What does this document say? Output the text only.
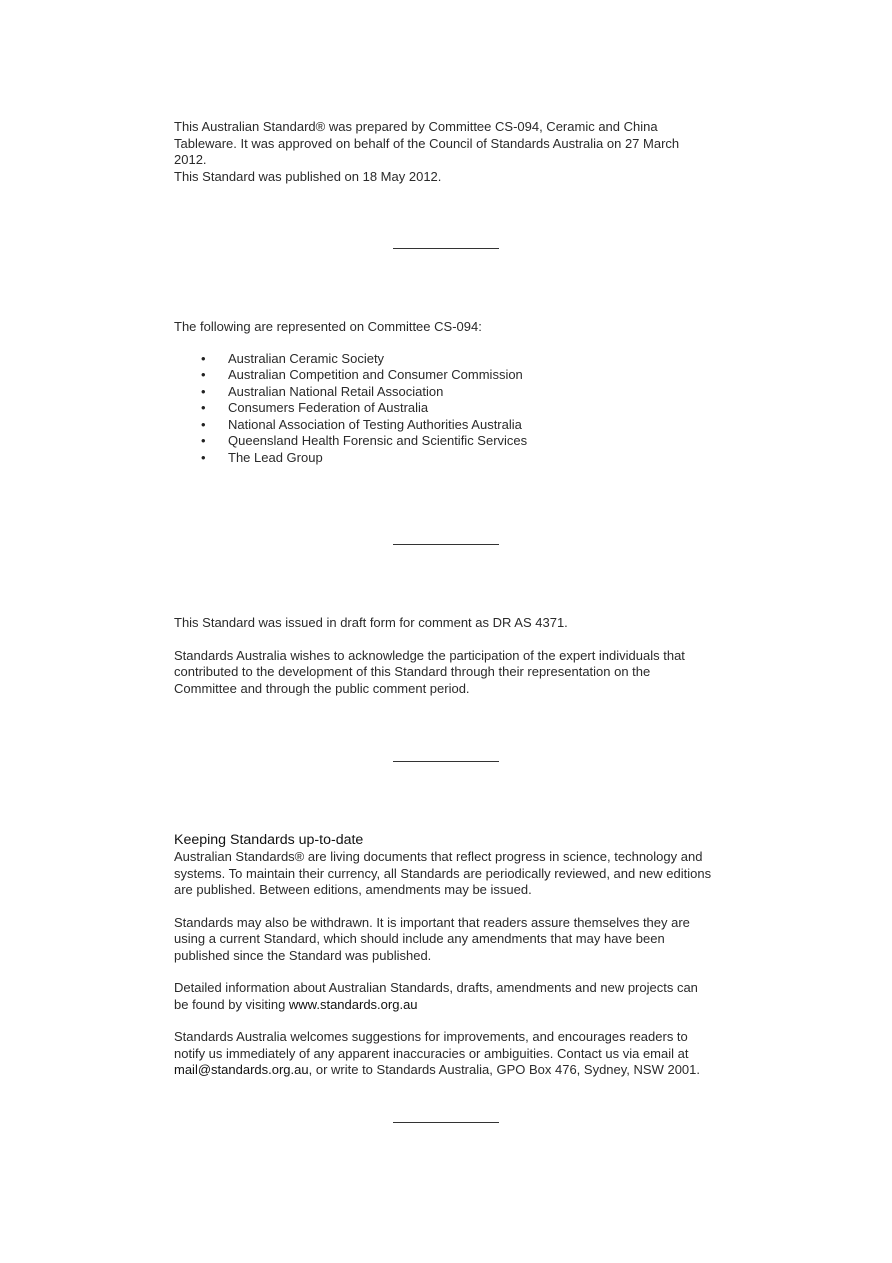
This Australian Standard® was prepared by Committee CS-094, Ceramic and China

Tableware. It was approved on behalf of the Council of Standards Australia on 27 March

2012.

This Standard was published on 18 May 2012.

The following are represented on Committee CS-094:

• Australian Ceramic Society
• Australian Competition and Consumer Commission
• Australian National Retail Association
• Consumers Federation of Australia
• National Association of Testing Authorities Australia
• Queensland Health Forensic and Scientific Services
• The Lead Group

This Standard was issued in draft form for comment as DR AS 4371.

Standards Australia wishes to acknowledge the participation of the expert individuals that

contributed to the development of this Standard through their representation on the

Committee and through the public comment period.

Keeping Standards up-to-date

Australian Standards® are living documents that reflect progress in science, technology and

systems. To maintain their currency, all Standards are periodically reviewed, and new editions

are published. Between editions, amendments may be issued.

Standards may also be withdrawn. It is important that readers assure themselves they are

using a current Standard, which should include any amendments that may have been

published since the Standard was published.

Detailed information about Australian Standards, drafts, amendments and new projects can

be found by visiting www.standards.org.au

Standards Australia welcomes suggestions for improvements, and encourages readers to

notify us immediately of any apparent inaccuracies or ambiguities. Contact us via email at

mail@standards.org.au, or write to Standards Australia, GPO Box 476, Sydney, NSW 2001.
